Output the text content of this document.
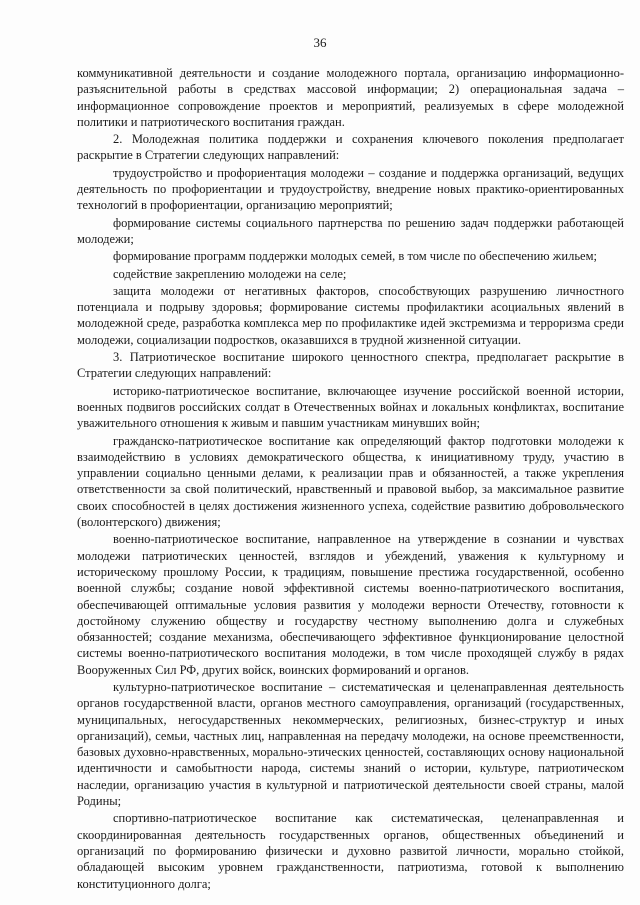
36

коммуникативной деятельности и создание молодежного портала, организацию информационно-разъяснительной работы в средствах массовой информации; 2) операциональная задача – информационное сопровождение проектов и мероприятий, реализуемых в сфере молодежной политики и патриотического воспитания граждан.

2. Молодежная политика поддержки и сохранения ключевого поколения предполагает раскрытие в Стратегии следующих направлений:

трудоустройство и профориентация молодежи – создание и поддержка организаций, ведущих деятельность по профориентации и трудоустройству, внедрение новых практико-ориентированных технологий в профориентации, организацию мероприятий;

формирование системы социального партнерства по решению задач поддержки работающей молодежи;

формирование программ поддержки молодых семей, в том числе по обеспечению жильем;

содействие закреплению молодежи на селе;

защита молодежи от негативных факторов, способствующих разрушению личностного потенциала и подрыву здоровья; формирование системы профилактики асоциальных явлений в молодежной среде, разработка комплекса мер по профилактике идей экстремизма и терроризма среди молодежи, социализации подростков, оказавшихся в трудной жизненной ситуации.

3. Патриотическое воспитание широкого ценностного спектра, предполагает раскрытие в Стратегии следующих направлений:

историко-патриотическое воспитание, включающее изучение российской военной истории, военных подвигов российских солдат в Отечественных войнах и локальных конфликтах, воспитание уважительного отношения к живым и павшим участникам минувших войн;

гражданско-патриотическое воспитание как определяющий фактор подготовки молодежи к взаимодействию в условиях демократического общества, к инициативному труду, участию в управлении социально ценными делами, к реализации прав и обязанностей, а также укрепления ответственности за свой политический, нравственный и правовой выбор, за максимальное развитие своих способностей в целях достижения жизненного успеха, содействие развитию добровольческого (волонтерского) движения;

военно-патриотическое воспитание, направленное на утверждение в сознании и чувствах молодежи патриотических ценностей, взглядов и убеждений, уважения к культурному и историческому прошлому России, к традициям, повышение престижа государственной, особенно военной службы; создание новой эффективной системы военно-патриотического воспитания, обеспечивающей оптимальные условия развития у молодежи верности Отечеству, готовности к достойному служению обществу и государству честному выполнению долга и служебных обязанностей; создание механизма, обеспечивающего эффективное функционирование целостной системы военно-патриотического воспитания молодежи, в том числе проходящей службу в рядах Вооруженных Сил РФ, других войск, воинских формирований и органов.

культурно-патриотическое воспитание – систематическая и целенаправленная деятельность органов государственной власти, органов местного самоуправления, организаций (государственных, муниципальных, негосударственных некоммерческих, религиозных, бизнес-структур и иных организаций), семьи, частных лиц, направленная на передачу молодежи, на основе преемственности, базовых духовно-нравственных, морально-этических ценностей, составляющих основу национальной идентичности и самобытности народа, системы знаний о истории, культуре, патриотическом наследии, организацию участия в культурной и патриотической деятельности своей страны, малой Родины;

спортивно-патриотическое воспитание как систематическая, целенаправленная и скоординированная деятельность государственных органов, общественных объединений и организаций по формированию физически и духовно развитой личности, морально стойкой, обладающей высоким уровнем гражданственности, патриотизма, готовой к выполнению конституционного долга;
